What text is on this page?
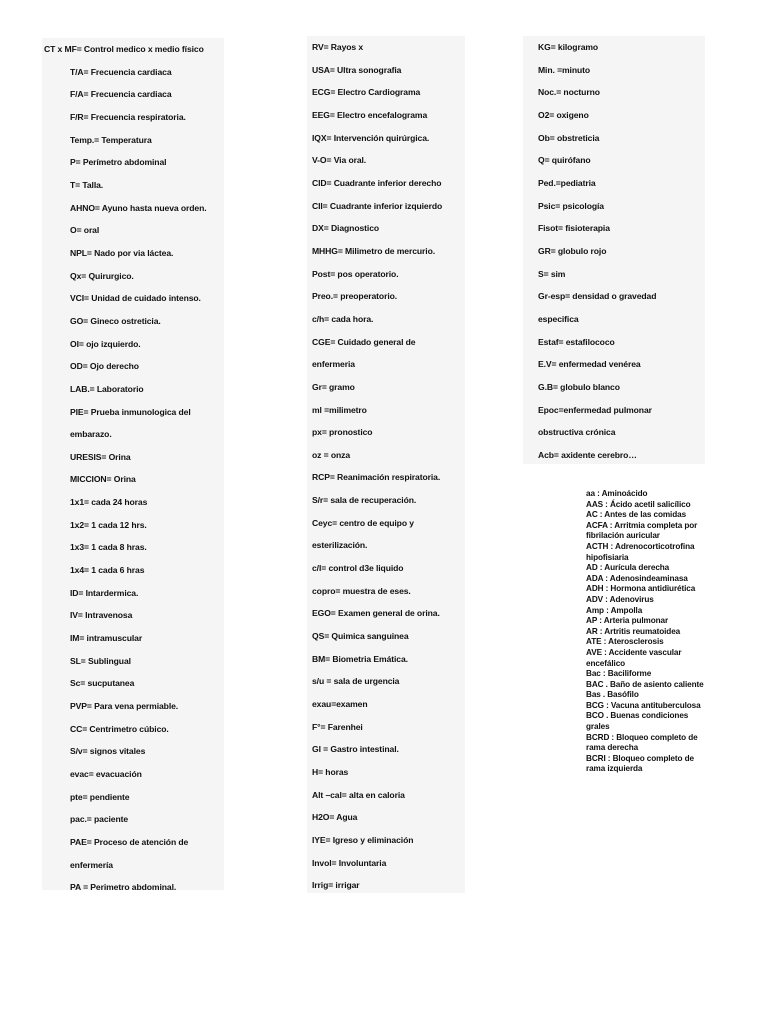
CT x MF= Control medico x medio físico
T/A= Frecuencia cardiaca
F/A= Frecuencia cardiaca
F/R= Frecuencia respiratoria.
Temp.= Temperatura
P= Perímetro abdominal
T= Talla.
AHNO= Ayuno hasta nueva orden.
O= oral
NPL= Nado por via láctea.
Qx= Quirurgico.
VCI= Unidad de cuidado intenso.
GO= Gineco ostreticia.
OI= ojo izquierdo.
OD= Ojo derecho
LAB.= Laboratorio
PIE= Prueba inmunologica del
embarazo.
URESIS= Orina
MICCION= Orina
1x1= cada 24 horas
1x2= 1 cada 12 hrs.
1x3= 1 cada 8 hras.
1x4= 1 cada 6 hras
ID= Intardermica.
IV= Intravenosa
IM= intramuscular
SL= Sublingual
Sc= sucputanea
PVP= Para vena permiable.
CC= Centrimetro cúbico.
S/v= signos vitales
evac= evacuación
pte= pendiente
pac.= paciente
PAE= Proceso de atención de
enfermería
PA = Perimetro abdominal.
RV= Rayos x
USA= Ultra sonografia
ECG= Electro Cardiograma
EEG= Electro encefalograma
IQX= Intervención quirúrgica.
V-O= Via oral.
CID= Cuadrante inferior derecho
CII= Cuadrante inferior izquierdo
DX= Diagnostico
MHHG= Milimetro de mercurio.
Post= pos operatorio.
Preo.= preoperatorio.
c/h= cada hora.
CGE= Cuidado general de
enfermeria
Gr= gramo
ml =milimetro
px= pronostico
oz = onza
RCP= Reanimación respiratoria.
S/r= sala de recuperación.
Ceyc= centro de equipo y
esterilización.
c/l= control d3e liquido
copro= muestra de eses.
EGO= Examen general de orina.
QS= Quimica sanguinea
BM= Biometria Emática.
s/u = sala de urgencia
exau=examen
F°= Farenhei
GI = Gastro intestinal.
H= horas
Alt –cal= alta en caloria
H2O= Agua
IYE= Igreso y eliminación
Invol= Involuntaria
Irrig= irrigar
KG= kilogramo
Min. =minuto
Noc.= nocturno
O2= oxigeno
Ob= obstreticia
Q= quirófano
Ped.=pediatria
Psic= psicología
Fisot= fisioterapia
GR= globulo rojo
S= sim
Gr-esp= densidad o gravedad
especifica
Estaf= estafilococo
E.V= enfermedad venérea
G.B= globulo blanco
Epoc=enfermedad pulmonar
obstructiva crónica
Acb= axidente cerebro…
aa : Aminoácido
AAS : Ácido acetil salicílico
AC : Antes de las comidas
ACFA : Arritmia completa por fibrilación auricular
ACTH : Adrenocorticotrofina hipofisiaria
AD : Aurícula derecha
ADA : Adenosindeaminasa
ADH : Hormona antidiurética
ADV : Adenovirus
Amp : Ampolla
AP : Arteria pulmonar
AR : Artritis reumatoidea
ATE : Aterosclerosis
AVE : Accidente vascular encefálico
Bac : Baciliforme
BAC . Baño de asiento caliente
Bas . Basófilo
BCG : Vacuna antituberculosa
BCO . Buenas condiciones grales
BCRD : Bloqueo completo de rama derecha
BCRI : Bloqueo completo de rama izquierda
